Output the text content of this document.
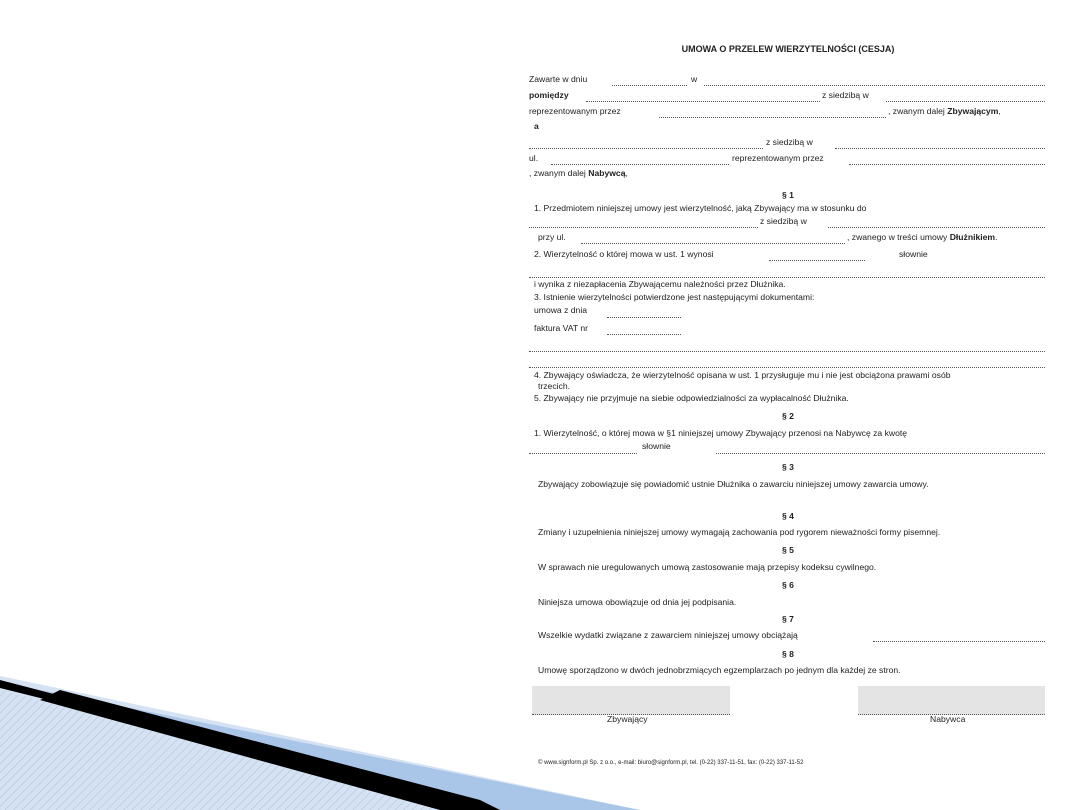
UMOWA O PRZELEW WIERZYTELNOŚCI (CESJA)
Zawarte w dniu	w
pomiędzy	z siedzibą w
reprezentowanym przez	, zwanym dalej Zbywającym,
a
z siedzibą w
ul.	reprezentowanym przez
, zwanym dalej Nabywcą,
§ 1
1. Przedmiotem niniejszej umowy jest wierzytelność, jaką Zbywający ma w stosunku do
z siedzibą w
przy ul.	, zwanego w treści umowy Dłużnikiem.
2. Wierzytelność o której mowa w ust. 1 wynosi	słownie
i wynika z niezapłacenia Zbywającemu należności przez Dłużnika.
3. Istnienie wierzytelności potwierdzone jest następującymi dokumentami:
umowa z dnia
faktura VAT nr
4. Zbywający oświadcza, że wierzytelność opisana w ust. 1 przysługuje mu i nie jest obciążona prawami osób
trzecich.
5. Zbywający nie przyjmuje na siebie odpowiedzialności za wypłacalność Dłużnika.
§ 2
1. Wierzytelność, o której mowa w §1 niniejszej umowy Zbywający przenosi na Nabywcę za kwotę
słownie
§ 3
Zbywający zobowiązuje się powiadomić ustnie Dłużnika o zawarciu niniejszej umowy zawarcia umowy.
§ 4
Zmiany i uzupełnienia niniejszej umowy wymagają zachowania pod rygorem nieważności formy pisemnej.
§ 5
W sprawach nie uregulowanych umową zastosowanie mają przepisy kodeksu cywilnego.
§ 6
Niniejsza umowa obowiązuje od dnia jej podpisania.
§ 7
Wszelkie wydatki związane z zawarciem niniejszej umowy obciążają
§ 8
Umowę sporządzono w dwóch jednobrzmiących egzemplarzach po jednym dla każdej ze stron.
Zbywający	Nabywca
© www.signform.pl Sp. z o.o., e-mail: biuro@signform.pl, tel. (0-22) 337-11-51, fax: (0-22) 337-11-52
